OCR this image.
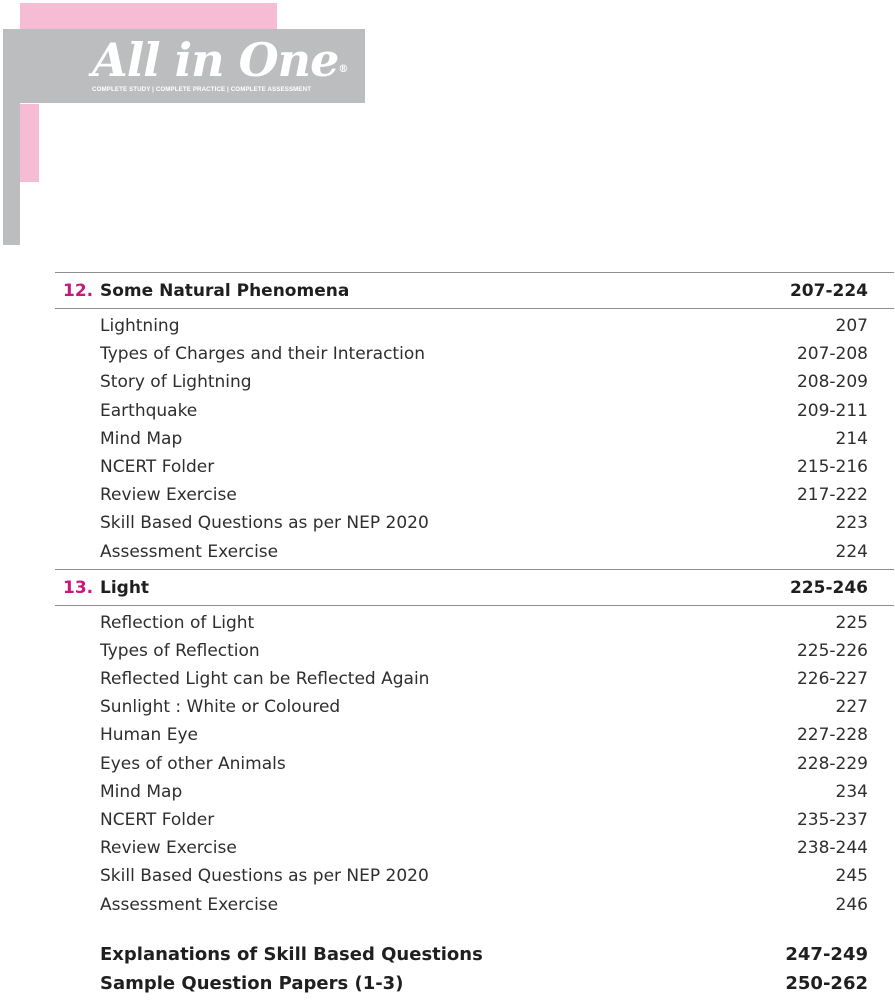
All in One®
COMPLETE STUDY | COMPLETE PRACTICE | COMPLETE ASSESSMENT
12. Some Natural Phenomena	207-224
Lightning	207
Types of Charges and their Interaction	207-208
Story of Lightning	208-209
Earthquake	209-211
Mind Map	214
NCERT Folder	215-216
Review Exercise	217-222
Skill Based Questions as per NEP 2020	223
Assessment Exercise	224
13. Light	225-246
Reflection of Light	225
Types of Reflection	225-226
Reflected Light can be Reflected Again	226-227
Sunlight : White or Coloured	227
Human Eye	227-228
Eyes of other Animals	228-229
Mind Map	234
NCERT Folder	235-237
Review Exercise	238-244
Skill Based Questions as per NEP 2020	245
Assessment Exercise	246
Explanations of Skill Based Questions	247-249
Sample Question Papers (1-3)	250-262
